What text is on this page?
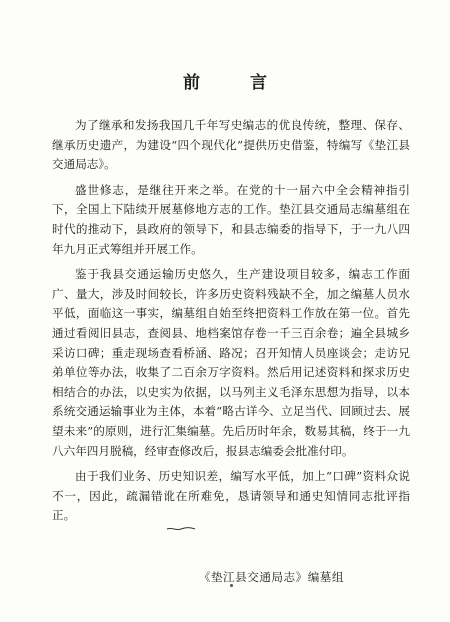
前 言

为了继承和发扬我国几千年写史编志的优良传统，整理、保存、继承历史遗产，为建设“四个现代化”提供历史借鉴，特编写《垫江县交通局志》。

盛世修志，是继往开来之举。在党的十一届六中全会精神指引下，全国上下陆续开展墓修地方志的工作。垫江县交通局志编墓组在时代的推动下，县政府的领导下，和县志编委的指导下，于一九八四年九月正式筹组并开展工作。

鉴于我县交通运输历史悠久，生产建设项目较多，编志工作面广、量大，涉及时间较长，许多历史资料残缺不全，加之编墓人员水平低，面临这一事实，编墓组自始至终把资料工作放在第一位。首先通过看阅旧县志，查阅县、地档案馆存卷一千三百余卷；遍全县城乡采访口碑；重走现场查看桥涵、路况；召开知情人员座谈会；走访兄弟单位等办法，收集了二百余万字资料。然后用记述资料和探求历史相结合的办法，以史实为依据，以马列主义毛泽东思想为指导，以本系统交通运输事业为主体，本着“略古详今、立足当代、回顾过去、展望未来”的原则，进行汇集编墓。先后历时年余，数易其稿，终于一九八六年四月脱稿，经审查修改后，报县志编委会批准付印。

由于我们业务、历史知识差，编写水平低，加上“口碑”资料众说不一，因此，疏漏错讹在所难免，恳请领导和通史知情同志批评指正。

《垫江县交通局志》编墓组
